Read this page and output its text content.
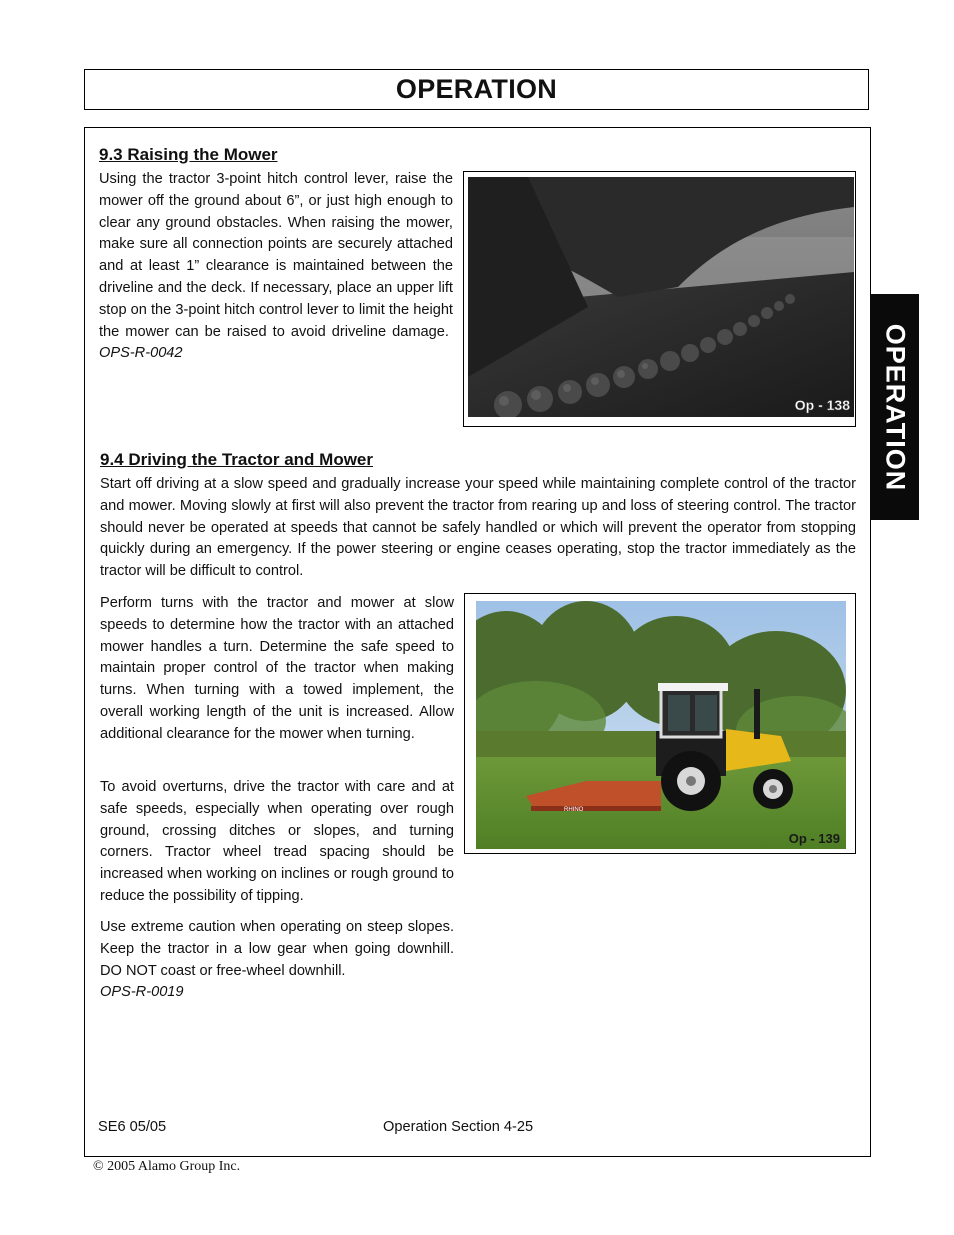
OPERATION
OPERATION
9.3 Raising the Mower

Using the tractor 3-point hitch control lever, raise the mower off the ground about 6”, or just high enough to clear any ground obstacles. When raising the mower, make sure all connection points are securely attached and at least 1” clearance is maintained between the driveline and the deck. If necessary, place an upper lift stop on the 3-point hitch control lever to limit the height the mower can be raised to avoid driveline damage.  OPS-R-0042

Op - 138
9.4 Driving the Tractor and Mower

Start off driving at a slow speed and gradually increase your speed while maintaining complete control of the tractor and mower. Moving slowly at first will also prevent the tractor from rearing up and loss of steering control. The tractor should never be operated at speeds that cannot be safely handled or which will prevent the operator from stopping quickly during an emergency. If the power steering or engine ceases operating, stop the tractor immediately as the tractor will be difficult to control.

Perform turns with the tractor and mower at slow speeds to determine how the tractor with an attached mower handles a turn. Determine the safe speed to maintain proper control of the tractor when making turns. When turning with a towed implement, the overall working length of the unit is increased. Allow additional clearance for the mower when turning.

To avoid overturns, drive the tractor with care and at safe speeds, especially when operating over rough ground, crossing ditches or slopes, and turning corners. Tractor wheel tread spacing should be increased when working on inclines or rough ground to reduce the possibility of tipping.

Use extreme caution when operating on steep slopes. Keep the tractor in a low gear when going downhill. DO NOT coast or free-wheel downhill.
OPS-R-0019

RHINO
Op - 139
SE6 05/05	Operation Section 4-25
© 2005 Alamo Group Inc.
